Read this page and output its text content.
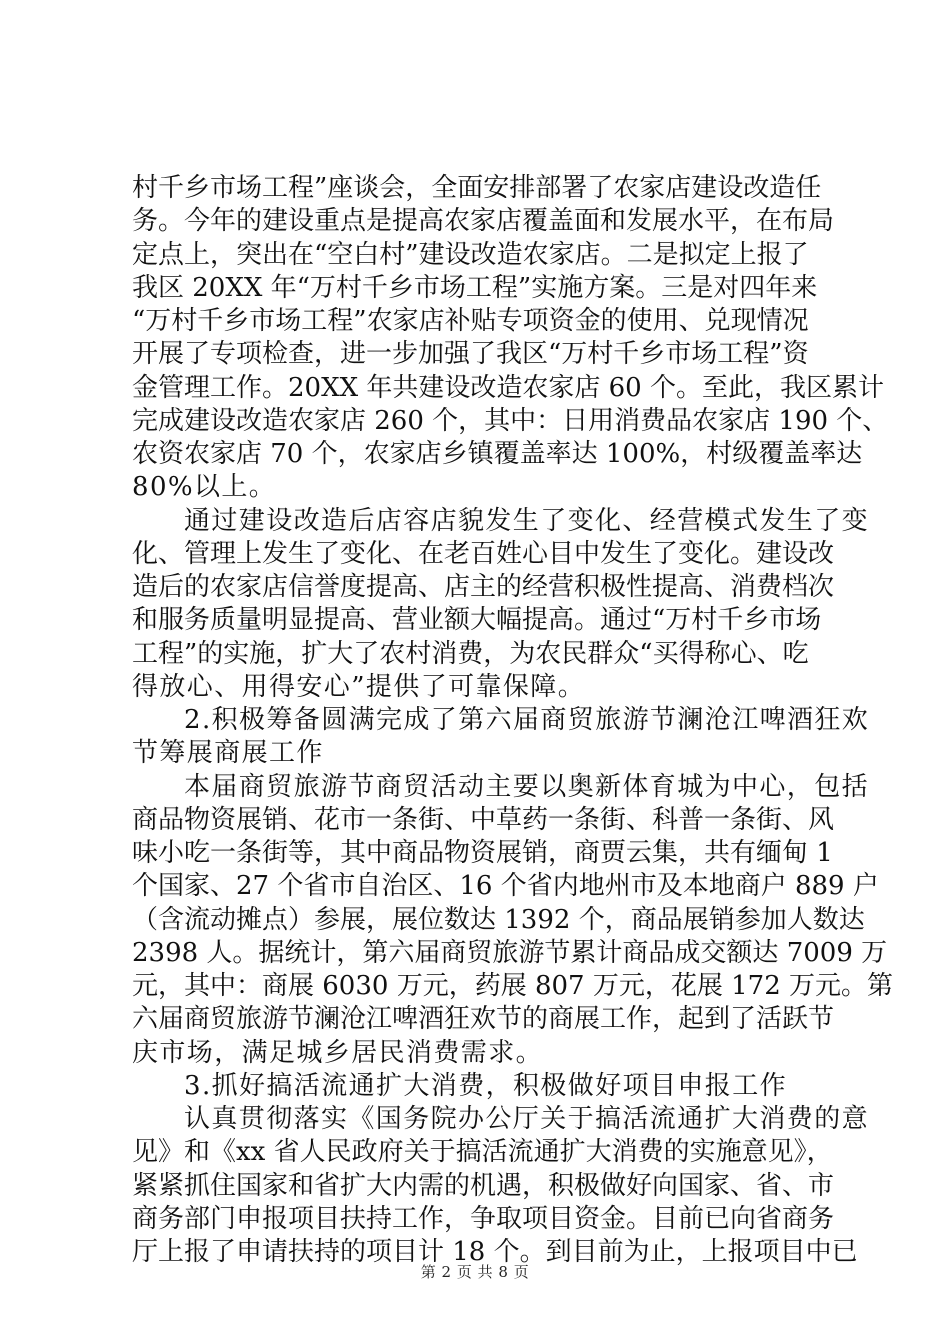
村千乡市场工程”座谈会，全面安排部署了农家店建设改造任
务。今年的建设重点是提高农家店覆盖面和发展水平，在布局
定点上，突出在“空白村”建设改造农家店。二是拟定上报了
我区 20XX 年“万村千乡市场工程”实施方案。三是对四年来
“万村千乡市场工程”农家店补贴专项资金的使用、兑现情况
开展了专项检查，进一步加强了我区“万村千乡市场工程”资
金管理工作。20XX 年共建设改造农家店 60 个。至此，我区累计
完成建设改造农家店 260 个，其中：日用消费品农家店 190 个、
农资农家店 70 个，农家店乡镇覆盖率达 100%，村级覆盖率达
80%以上。
通过建设改造后店容店貌发生了变化、经营模式发生了变
化、管理上发生了变化、在老百姓心目中发生了变化。建设改
造后的农家店信誉度提高、店主的经营积极性提高、消费档次
和服务质量明显提高、营业额大幅提高。通过“万村千乡市场
工程”的实施，扩大了农村消费，为农民群众“买得称心、吃
得放心、用得安心”提供了可靠保障。
2.积极筹备圆满完成了第六届商贸旅游节澜沧江啤酒狂欢
节筹展商展工作
本届商贸旅游节商贸活动主要以奥新体育城为中心，包括
商品物资展销、花市一条街、中草药一条街、科普一条街、风
味小吃一条街等，其中商品物资展销，商贾云集，共有缅甸 1
个国家、27 个省市自治区、16 个省内地州市及本地商户 889 户
（含流动摊点）参展，展位数达 1392 个，商品展销参加人数达
2398 人。据统计，第六届商贸旅游节累计商品成交额达 7009 万
元，其中：商展 6030 万元，药展 807 万元，花展 172 万元。第
六届商贸旅游节澜沧江啤酒狂欢节的商展工作，起到了活跃节
庆市场，满足城乡居民消费需求。
3.抓好搞活流通扩大消费，积极做好项目申报工作
认真贯彻落实《国务院办公厅关于搞活流通扩大消费的意
见》和《xx 省人民政府关于搞活流通扩大消费的实施意见》，
紧紧抓住国家和省扩大内需的机遇，积极做好向国家、省、市
商务部门申报项目扶持工作，争取项目资金。目前已向省商务
厅上报了申请扶持的项目计 18 个。到目前为止，上报项目中已
第 2 页 共 8 页
